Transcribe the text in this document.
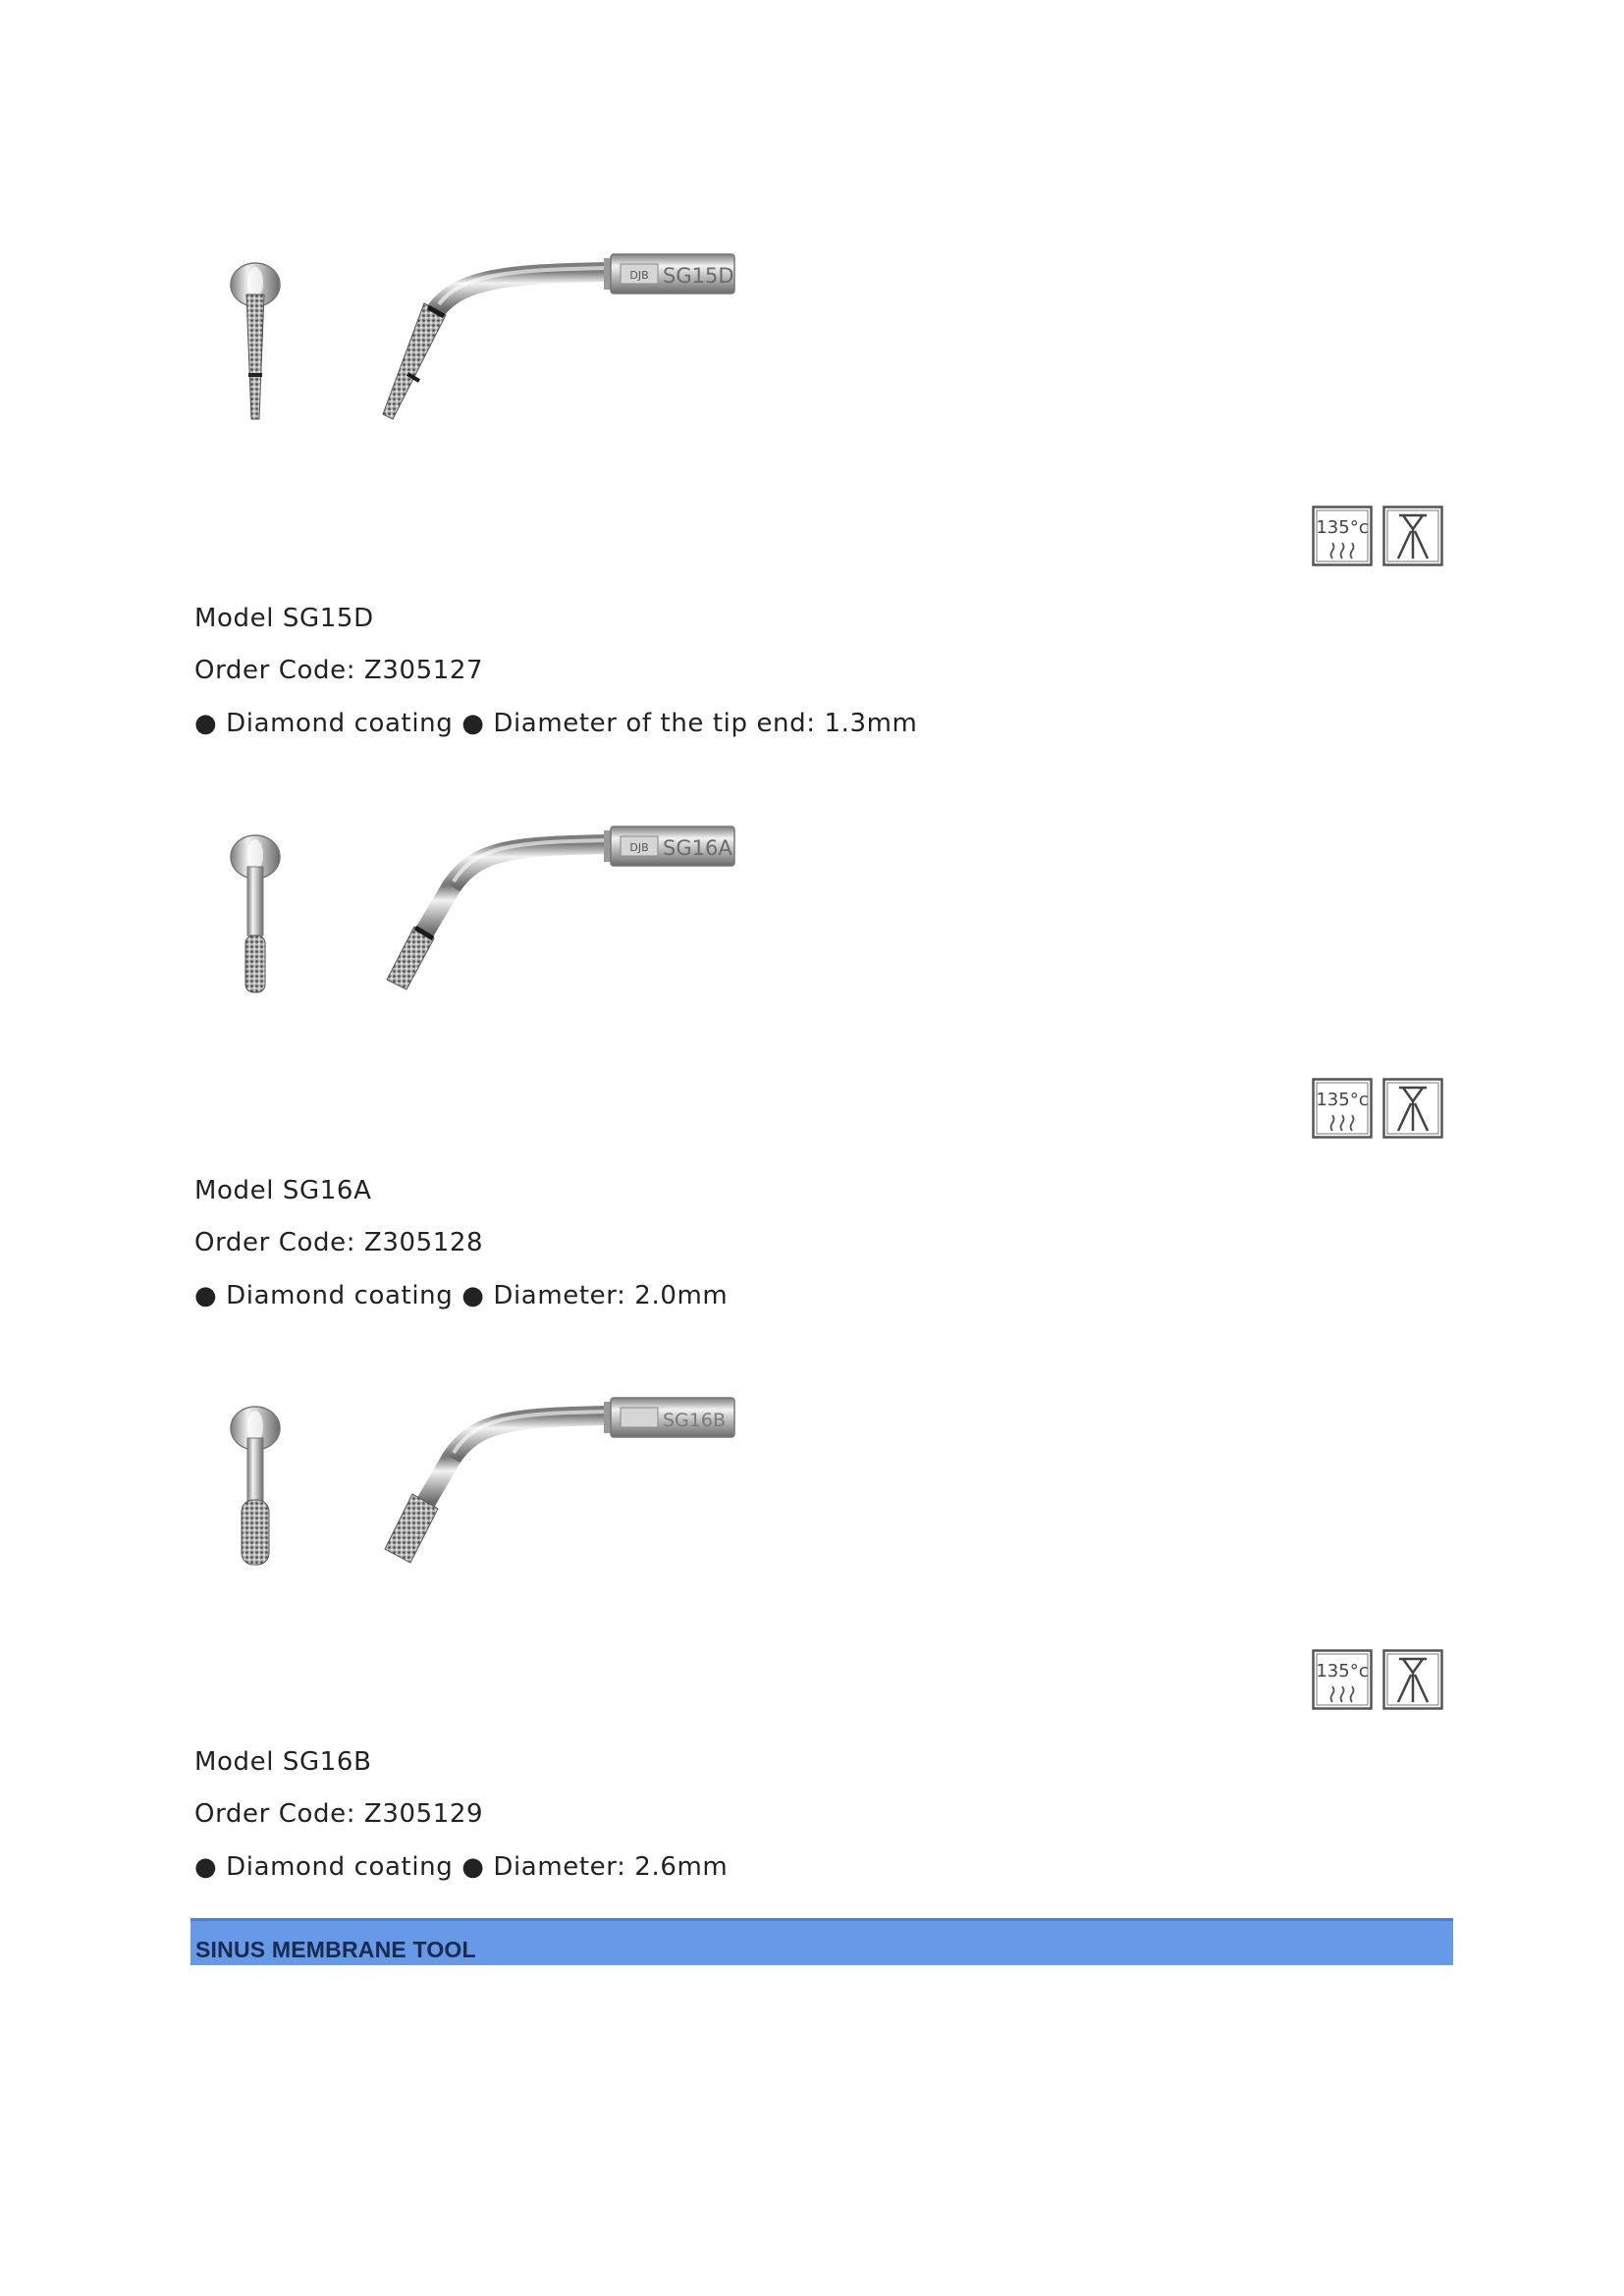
DJB SG15D
135°c
Model SG15D
Order Code: Z305127
● Diamond coating ● Diameter of the tip end: 1.3mm
DJB SG16A
135°c
Model SG16A
Order Code: Z305128
● Diamond coating ● Diameter: 2.0mm
SG16B
135°c
Model SG16B
Order Code: Z305129
● Diamond coating ● Diameter: 2.6mm
SINUS MEMBRANE TOOL
